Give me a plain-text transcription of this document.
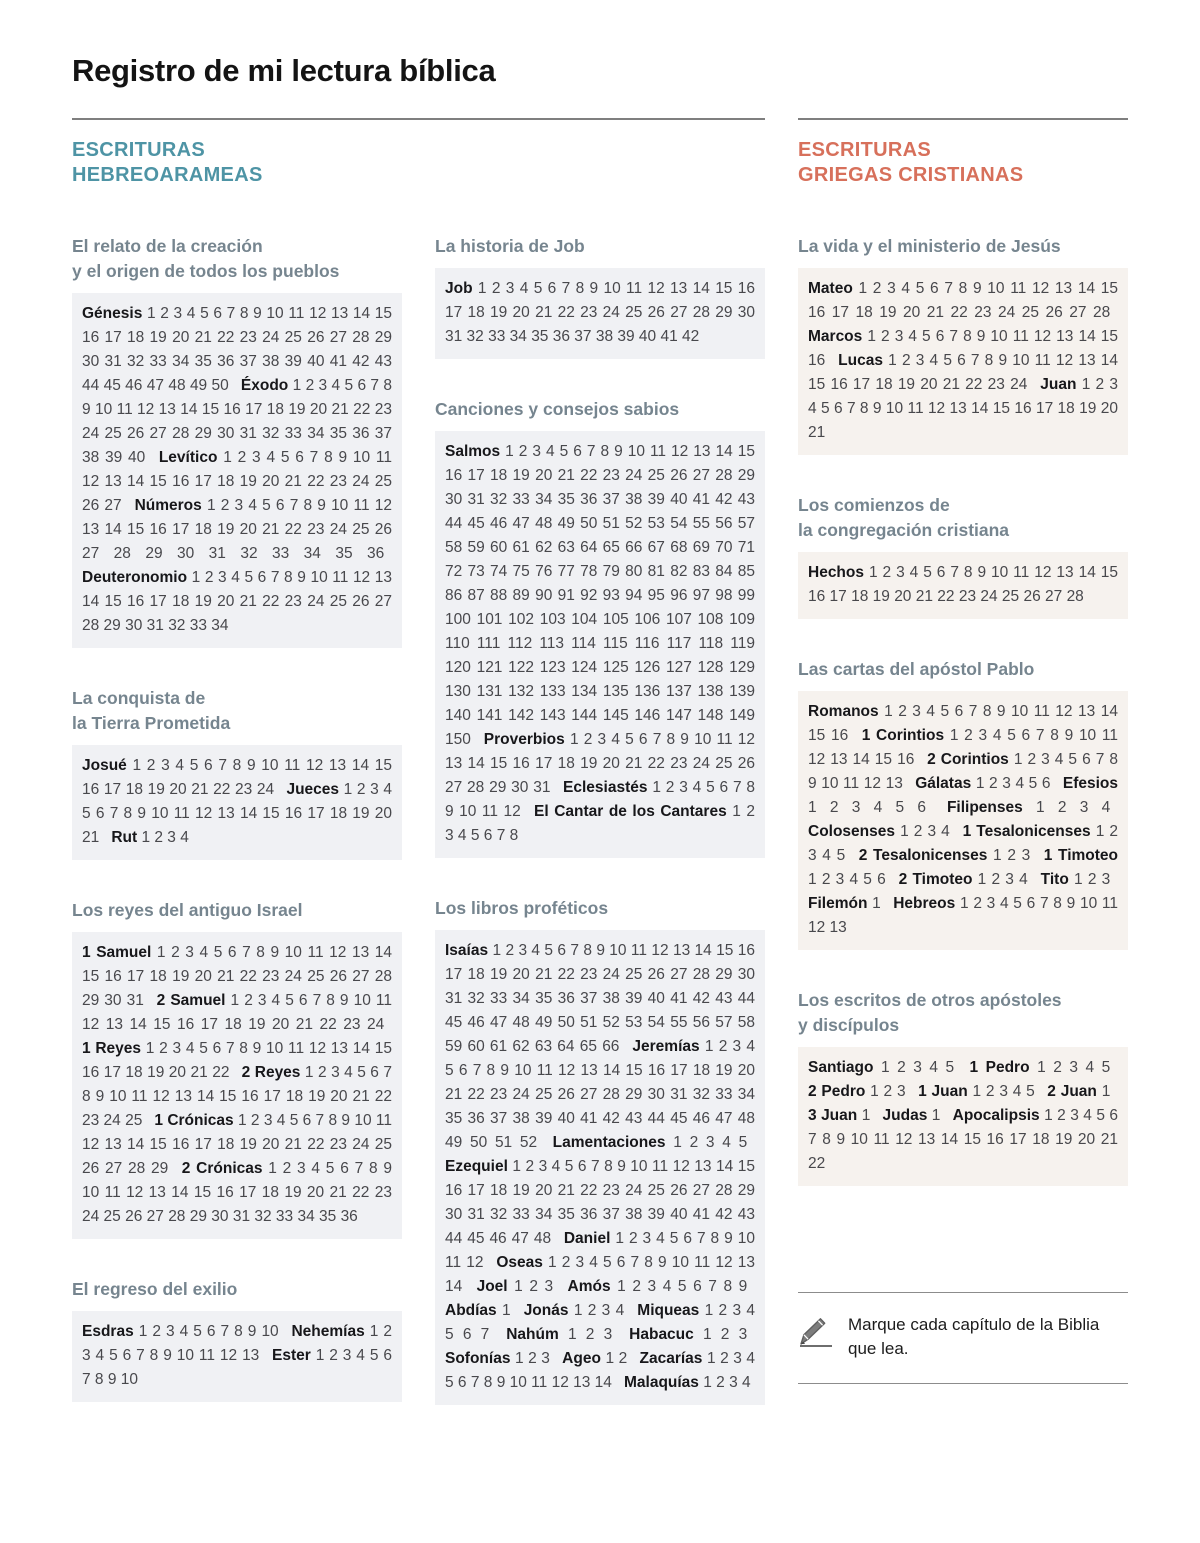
Registro de mi lectura bíblica
ESCRITURAS
HEBREOARAMEAS
ESCRITURAS
GRIEGAS CRISTIANAS
El relato de la creación
y el origen de todos los pueblos

Génesis 1 2 3 4 5 6 7 8 9 10 11 12 13 14 15 16 17 18 19 20 21 22 23 24 25 26 27 28 29 30 31 32 33 34 35 36 37 38 39 40 41 42 43 44 45 46 47 48 49 50  Éxodo 1 2 3 4 5 6 7 8 9 10 11 12 13 14 15 16 17 18 19 20 21 22 23 24 25 26 27 28 29 30 31 32 33 34 35 36 37 38 39 40  Levítico 1 2 3 4 5 6 7 8 9 10 11 12 13 14 15 16 17 18 19 20 21 22 23 24 25 26 27  Números 1 2 3 4 5 6 7 8 9 10 11 12 13 14 15 16 17 18 19 20 21 22 23 24 25 26 27 28 29 30 31 32 33 34 35 36  Deuteronomio 1 2 3 4 5 6 7 8 9 10 11 12 13 14 15 16 17 18 19 20 21 22 23 24 25 26 27 28 29 30 31 32 33 34

La conquista de
la Tierra Prometida

Josué 1 2 3 4 5 6 7 8 9 10 11 12 13 14 15 16 17 18 19 20 21 22 23 24  Jueces 1 2 3 4 5 6 7 8 9 10 11 12 13 14 15 16 17 18 19 20 21  Rut 1 2 3 4

Los reyes del antiguo Israel

1 Samuel 1 2 3 4 5 6 7 8 9 10 11 12 13 14 15 16 17 18 19 20 21 22 23 24 25 26 27 28 29 30 31  2 Samuel 1 2 3 4 5 6 7 8 9 10 11 12 13 14 15 16 17 18 19 20 21 22 23 24  1 Reyes 1 2 3 4 5 6 7 8 9 10 11 12 13 14 15 16 17 18 19 20 21 22  2 Reyes 1 2 3 4 5 6 7 8 9 10 11 12 13 14 15 16 17 18 19 20 21 22 23 24 25  1 Crónicas 1 2 3 4 5 6 7 8 9 10 11 12 13 14 15 16 17 18 19 20 21 22 23 24 25 26 27 28 29  2 Crónicas 1 2 3 4 5 6 7 8 9 10 11 12 13 14 15 16 17 18 19 20 21 22 23 24 25 26 27 28 29 30 31 32 33 34 35 36

El regreso del exilio

Esdras 1 2 3 4 5 6 7 8 9 10  Nehemías 1 2 3 4 5 6 7 8 9 10 11 12 13  Ester 1 2 3 4 5 6 7 8 9 10

La historia de Job

Job 1 2 3 4 5 6 7 8 9 10 11 12 13 14 15 16 17 18 19 20 21 22 23 24 25 26 27 28 29 30 31 32 33 34 35 36 37 38 39 40 41 42

Canciones y consejos sabios

Salmos 1 2 3 4 5 6 7 8 9 10 11 12 13 14 15 16 17 18 19 20 21 22 23 24 25 26 27 28 29 30 31 32 33 34 35 36 37 38 39 40 41 42 43 44 45 46 47 48 49 50 51 52 53 54 55 56 57 58 59 60 61 62 63 64 65 66 67 68 69 70 71 72 73 74 75 76 77 78 79 80 81 82 83 84 85 86 87 88 89 90 91 92 93 94 95 96 97 98 99 100 101 102 103 104 105 106 107 108 109 110 111 112 113 114 115 116 117 118 119 120 121 122 123 124 125 126 127 128 129 130 131 132 133 134 135 136 137 138 139 140 141 142 143 144 145 146 147 148 149 150  Proverbios 1 2 3 4 5 6 7 8 9 10 11 12 13 14 15 16 17 18 19 20 21 22 23 24 25 26 27 28 29 30 31  Eclesiastés 1 2 3 4 5 6 7 8 9 10 11 12  El Cantar de los Cantares 1 2 3 4 5 6 7 8

Los libros proféticos

Isaías 1 2 3 4 5 6 7 8 9 10 11 12 13 14 15 16 17 18 19 20 21 22 23 24 25 26 27 28 29 30 31 32 33 34 35 36 37 38 39 40 41 42 43 44 45 46 47 48 49 50 51 52 53 54 55 56 57 58 59 60 61 62 63 64 65 66  Jeremías 1 2 3 4 5 6 7 8 9 10 11 12 13 14 15 16 17 18 19 20 21 22 23 24 25 26 27 28 29 30 31 32 33 34 35 36 37 38 39 40 41 42 43 44 45 46 47 48 49 50 51 52  Lamentaciones 1 2 3 4 5  Ezequiel 1 2 3 4 5 6 7 8 9 10 11 12 13 14 15 16 17 18 19 20 21 22 23 24 25 26 27 28 29 30 31 32 33 34 35 36 37 38 39 40 41 42 43 44 45 46 47 48  Daniel 1 2 3 4 5 6 7 8 9 10 11 12  Oseas 1 2 3 4 5 6 7 8 9 10 11 12 13 14  Joel 1 2 3  Amós 1 2 3 4 5 6 7 8 9  Abdías 1  Jonás 1 2 3 4  Miqueas 1 2 3 4 5 6 7  Nahúm 1 2 3  Habacuc 1 2 3  Sofonías 1 2 3  Ageo 1 2  Zacarías 1 2 3 4 5 6 7 8 9 10 11 12 13 14  Malaquías 1 2 3 4

La vida y el ministerio de Jesús

Mateo 1 2 3 4 5 6 7 8 9 10 11 12 13 14 15 16 17 18 19 20 21 22 23 24 25 26 27 28  Marcos 1 2 3 4 5 6 7 8 9 10 11 12 13 14 15 16  Lucas 1 2 3 4 5 6 7 8 9 10 11 12 13 14 15 16 17 18 19 20 21 22 23 24  Juan 1 2 3 4 5 6 7 8 9 10 11 12 13 14 15 16 17 18 19 20 21

Los comienzos de
la congregación cristiana

Hechos 1 2 3 4 5 6 7 8 9 10 11 12 13 14 15 16 17 18 19 20 21 22 23 24 25 26 27 28

Las cartas del apóstol Pablo

Romanos 1 2 3 4 5 6 7 8 9 10 11 12 13 14 15 16  1 Corintios 1 2 3 4 5 6 7 8 9 10 11 12 13 14 15 16  2 Corintios 1 2 3 4 5 6 7 8 9 10 11 12 13  Gálatas 1 2 3 4 5 6  Efesios 1 2 3 4 5 6  Filipenses 1 2 3 4  Colosenses 1 2 3 4  1 Tesalonicenses 1 2 3 4 5  2 Tesalonicenses 1 2 3  1 Timoteo 1 2 3 4 5 6  2 Timoteo 1 2 3 4  Tito 1 2 3  Filemón 1  Hebreos 1 2 3 4 5 6 7 8 9 10 11 12 13

Los escritos de otros apóstoles
y discípulos

Santiago 1 2 3 4 5  1 Pedro 1 2 3 4 5  2 Pedro 1 2 3  1 Juan 1 2 3 4 5  2 Juan 1  3 Juan 1  Judas 1  Apocalipsis 1 2 3 4 5 6 7 8 9 10 11 12 13 14 15 16 17 18 19 20 21 22

Marque cada capítulo de la Biblia que lea.
